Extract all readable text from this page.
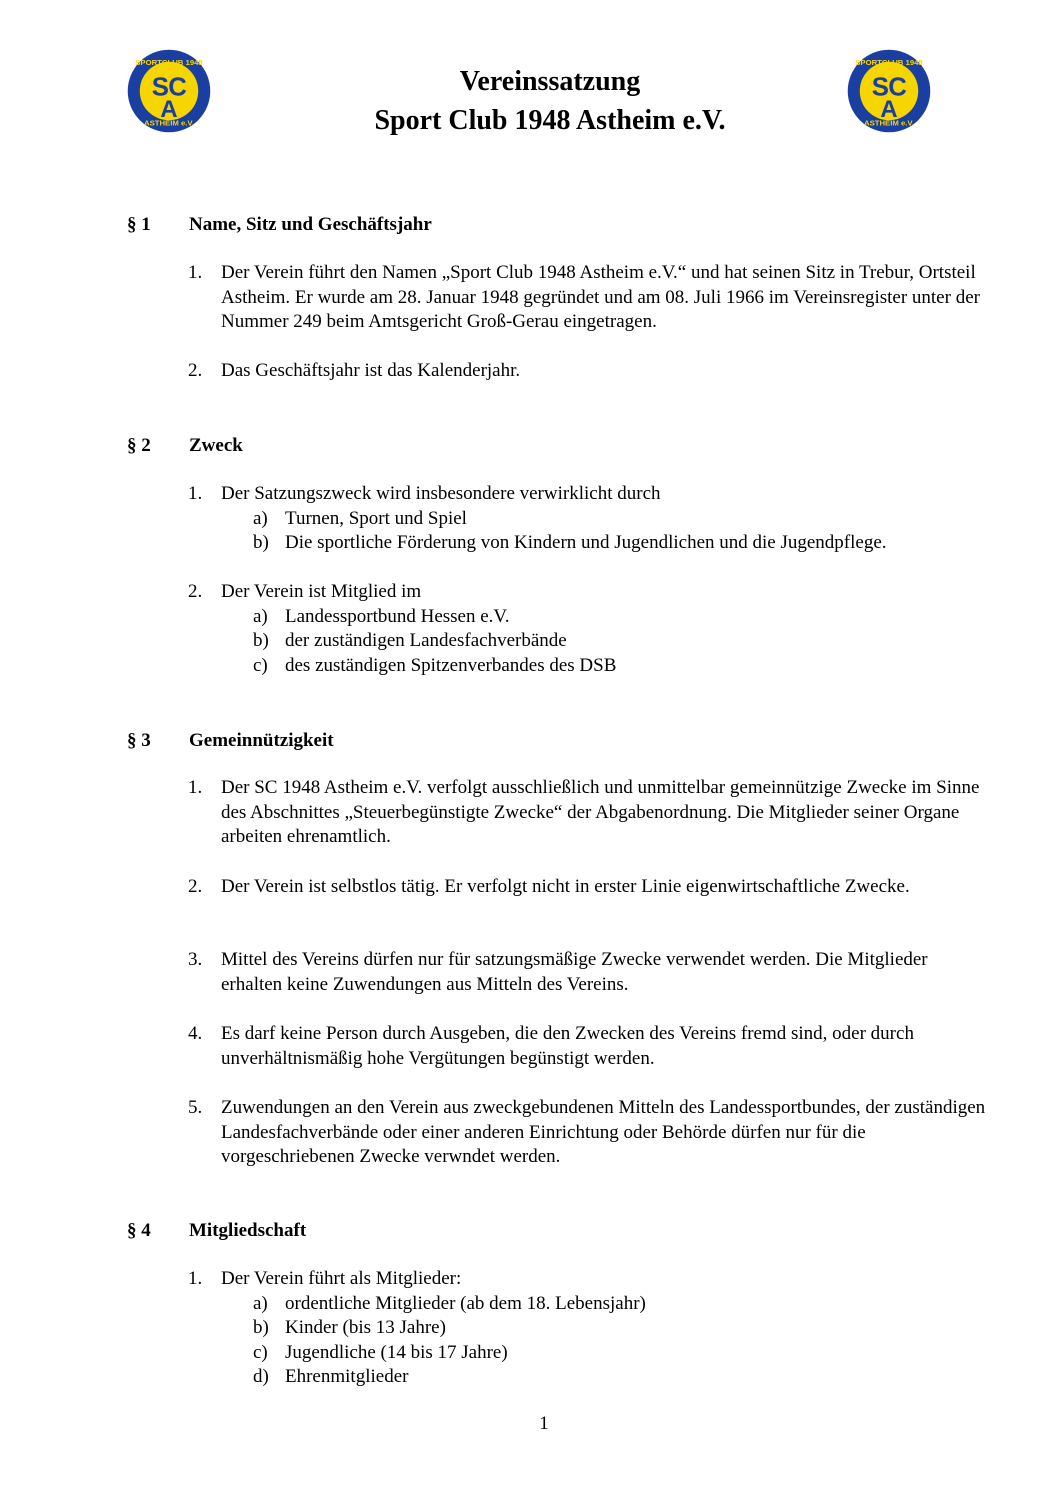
SPORTCLUB 1948
ASTHEIM e.V.
S C
A
SPORTCLUB 1948
ASTHEIM e.V.
S C
A
Vereinssatzung
Sport Club 1948 Astheim e.V.
§ 1 Name, Sitz und Geschäftsjahr
1. Der Verein führt den Namen „Sport Club 1948 Astheim e.V.“ und hat seinen Sitz in Trebur, Ortsteil Astheim. Er wurde am 28. Januar 1948 gegründet und am 08. Juli 1966 im Vereinsregister unter der Nummer 249 beim Amtsgericht Groß-Gerau eingetragen.
2. Das Geschäftsjahr ist das Kalenderjahr.
§ 2 Zweck
1. Der Satzungszweck wird insbesondere verwirklicht durch
a) Turnen, Sport und Spiel
b) Die sportliche Förderung von Kindern und Jugendlichen und die Jugendpflege.
2. Der Verein ist Mitglied im
a) Landessportbund Hessen e.V.
b) der zuständigen Landesfachverbände
c) des zuständigen Spitzenverbandes des DSB
§ 3 Gemeinnützigkeit
1. Der SC 1948 Astheim e.V. verfolgt ausschließlich und unmittelbar gemeinnützige Zwecke im Sinne des Abschnittes „Steuerbegünstigte Zwecke“ der Abgabenordnung. Die Mitglieder seiner Organe arbeiten ehrenamtlich.
2. Der Verein ist selbstlos tätig. Er verfolgt nicht in erster Linie eigenwirtschaftliche Zwecke.
3. Mittel des Vereins dürfen nur für satzungsmäßige Zwecke verwendet werden. Die Mitglieder erhalten keine Zuwendungen aus Mitteln des Vereins.
4. Es darf keine Person durch Ausgeben, die den Zwecken des Vereins fremd sind, oder durch unverhältnismäßig hohe Vergütungen begünstigt werden.
5. Zuwendungen an den Verein aus zweckgebundenen Mitteln des Landessportbundes, der zuständigen Landesfachverbände oder einer anderen Einrichtung oder Behörde dürfen nur für die vorgeschriebenen Zwecke verwndet werden.
§ 4 Mitgliedschaft
1. Der Verein führt als Mitglieder:
a) ordentliche Mitglieder (ab dem 18. Lebensjahr)
b) Kinder (bis 13 Jahre)
c) Jugendliche (14 bis 17 Jahre)
d) Ehrenmitglieder
1
